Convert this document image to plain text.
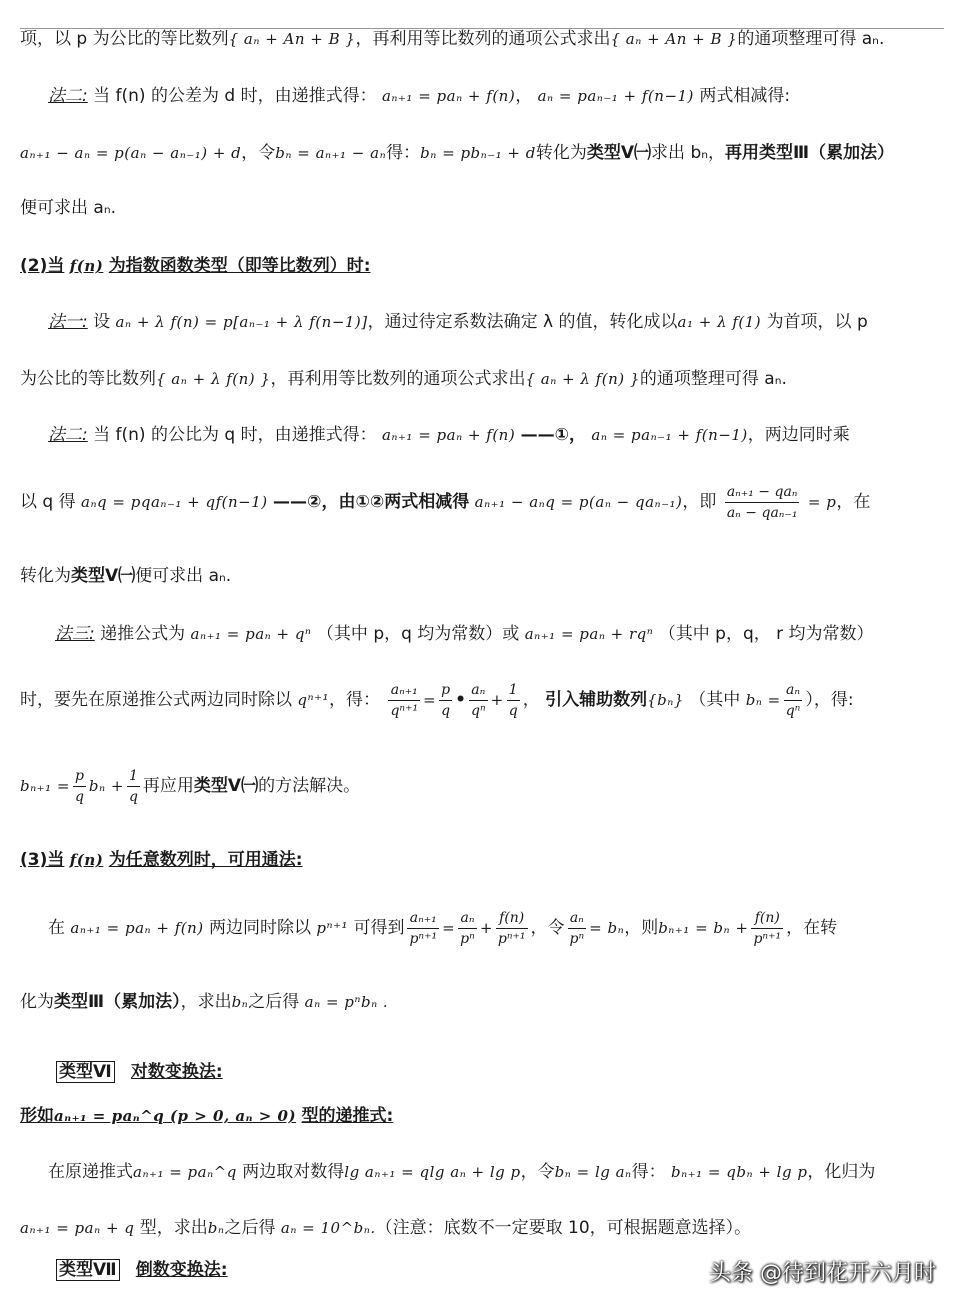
项，以 p 为公比的等比数列{ aₙ + An + B }，再利用等比数列的通项公式求出{ aₙ + An + B }的通项整理可得 aₙ.
法二: 当 f(n) 的公差为 d 时，由递推式得： aₙ₊₁ = paₙ + f(n)， aₙ = paₙ₋₁ + f(n−1) 两式相减得:
aₙ₊₁ − aₙ = p(aₙ − aₙ₋₁) + d，令bₙ = aₙ₊₁ − aₙ得：bₙ = pbₙ₋₁ + d转化为类型Ⅴ㈠求出 bₙ，再用类型Ⅲ（累加法）
便可求出 aₙ.
(2)当 f(n) 为指数函数类型（即等比数列）时:
法一: 设 aₙ + λ f(n) = p[aₙ₋₁ + λ f(n−1)]，通过待定系数法确定 λ 的值，转化成以a₁ + λ f(1) 为首项，以 p
为公比的等比数列{ aₙ + λ f(n) }，再利用等比数列的通项公式求出{ aₙ + λ f(n) }的通项整理可得 aₙ.
法二: 当 f(n) 的公比为 q 时，由递推式得： aₙ₊₁ = paₙ + f(n) ——①， aₙ = paₙ₋₁ + f(n−1)，两边同时乘
以 q 得 aₙq = pqaₙ₋₁ + qf(n−1) ——②，由①②两式相减得 aₙ₊₁ − aₙq = p(aₙ − qaₙ₋₁)，即 $\frac{\text{aₙ₊₁ − qaₙ}}{\text{aₙ − qaₙ₋₁}} = p$，在
转化为类型Ⅴ㈠便可求出 aₙ.
法三: 递推公式为 aₙ₊₁ = paₙ + qⁿ （其中 p，q 均为常数）或 aₙ₊₁ = paₙ + rqⁿ （其中 p，q， r 均为常数）
时，要先在原递推公式两边同时除以 qⁿ⁺¹，得： $\frac{\text{aₙ₊₁}}{\text{qⁿ⁺¹}} = \frac{p}{q}$ • $\frac{\text{aₙ}}{\text{qⁿ}} + \frac{1}{q}$ ， 引入辅助数列{bₙ} （其中 $b_n = \frac{\text{aₙ}}{\text{qⁿ}}$ ），得:
$b_{n+1} = \frac{p}{q}$ $b_n + \frac{1}{q}$ 再应用类型Ⅴ㈠的方法解决。
(3)当 f(n) 为任意数列时，可用通法:
在 aₙ₊₁ = paₙ + f(n) 两边同时除以 pⁿ⁺¹ 可得到 $\frac{\text{aₙ₊₁}}{\text{pⁿ⁺¹}} = \frac{\text{aₙ}}{\text{pⁿ}} + \frac{f(n)}{\text{pⁿ⁺¹}}$ ，令 $\frac{\text{aₙ}}{\text{pⁿ}} = b_n$，则$b_{n+1} = b_n + \frac{f(n)}{\text{pⁿ⁺¹}}$ ，在转
化为类型Ⅲ（累加法），求出bₙ之后得 aₙ = pⁿbₙ .
类型Ⅵ 对数变换法:
形如aₙ₊₁ = paₙ^q (p > 0, aₙ > 0) 型的递推式:
在原递推式aₙ₊₁ = paₙ^q 两边取对数得lg aₙ₊₁ = qlg aₙ + lg p，令bₙ = lg aₙ得： bₙ₊₁ = qbₙ + lg p，化归为
aₙ₊₁ = paₙ + q 型，求出bₙ之后得 aₙ = 10^bₙ.（注意：底数不一定要取 10，可根据题意选择）。
类型Ⅶ 倒数变换法:	头条 @待到花开六月时
